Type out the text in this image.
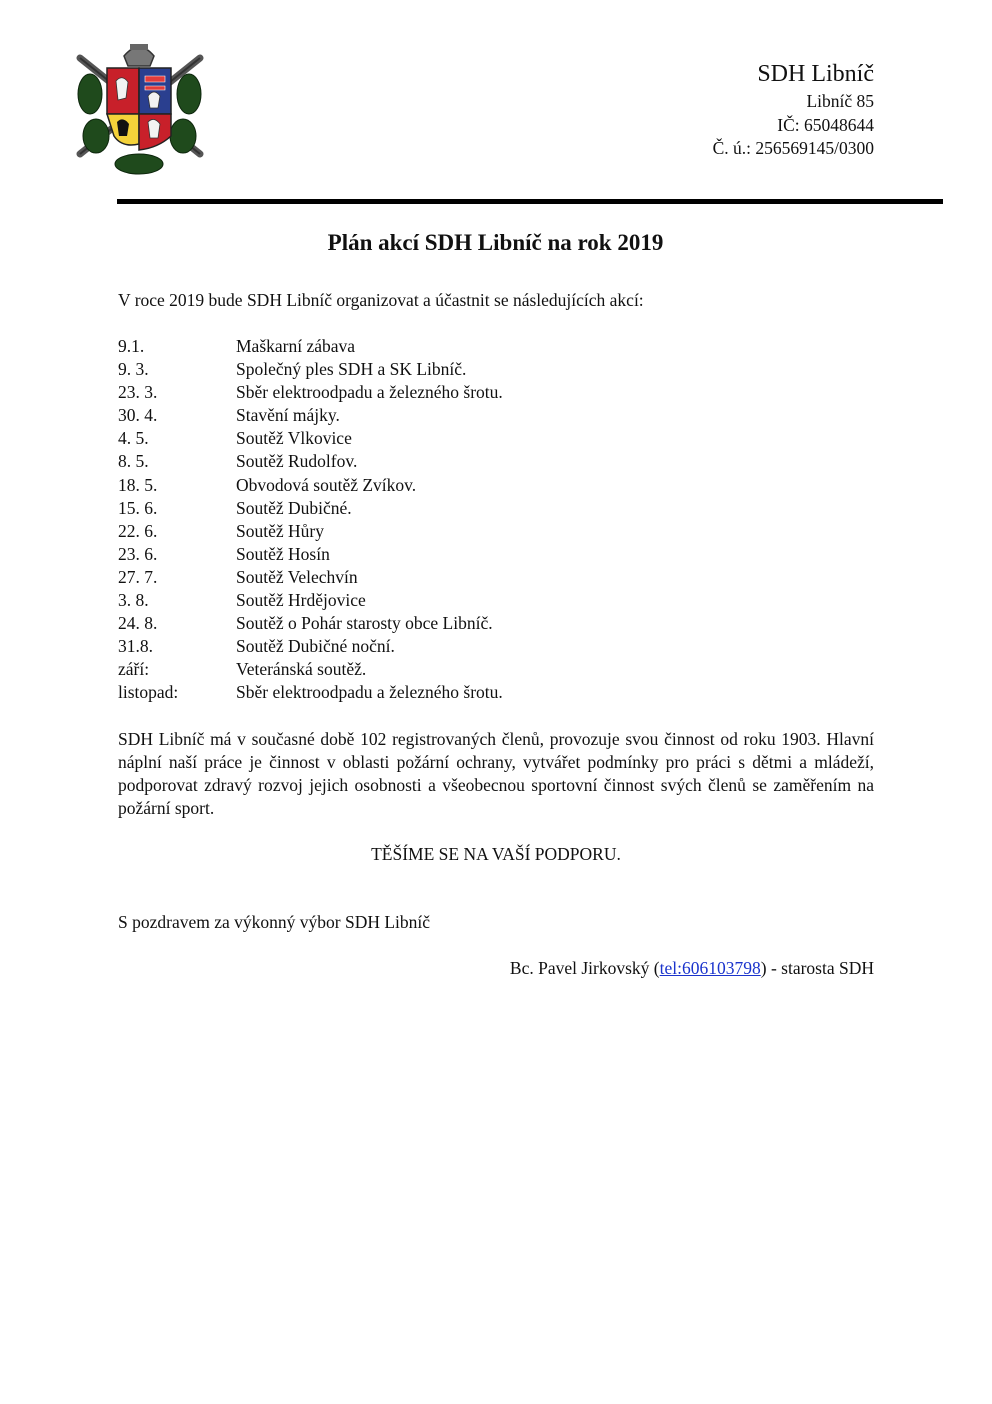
SDH Libníč
Libníč 85
IČ: 65048644
Č. ú.: 256569145/0300
Plán akcí SDH Libníč na rok 2019
V roce 2019 bude SDH Libníč organizovat a účastnit se následujících akcí:
9.1.	Maškarní zábava
9. 3.	Společný ples SDH a SK Libníč.
23. 3.	Sběr elektroodpadu a železného šrotu.
30. 4.	Stavění májky.
4. 5.	Soutěž Vlkovice
8. 5.	Soutěž Rudolfov.
18. 5.	Obvodová soutěž Zvíkov.
15. 6.	Soutěž Dubičné.
22. 6.	Soutěž Hůry
23. 6.	Soutěž Hosín
27. 7.	Soutěž Velechvín
3. 8.	Soutěž Hrdějovice
24. 8.	Soutěž o Pohár starosty obce Libníč.
31.8.	Soutěž Dubičné noční.
září:	Veteránská soutěž.
listopad:	Sběr elektroodpadu a železného šrotu.
SDH Libníč má v současné době 102 registrovaných členů, provozuje svou činnost od roku 1903. Hlavní náplní naší práce je činnost v oblasti požární ochrany, vytvářet podmínky pro práci s dětmi a mládeží, podporovat zdravý rozvoj jejich osobnosti a všeobecnou sportovní činnost svých členů se zaměřením na požární sport.
TĚŠÍME SE NA VAŠÍ PODPORU.
S pozdravem za výkonný výbor SDH Libníč
Bc. Pavel Jirkovský (tel:606103798) - starosta SDH
